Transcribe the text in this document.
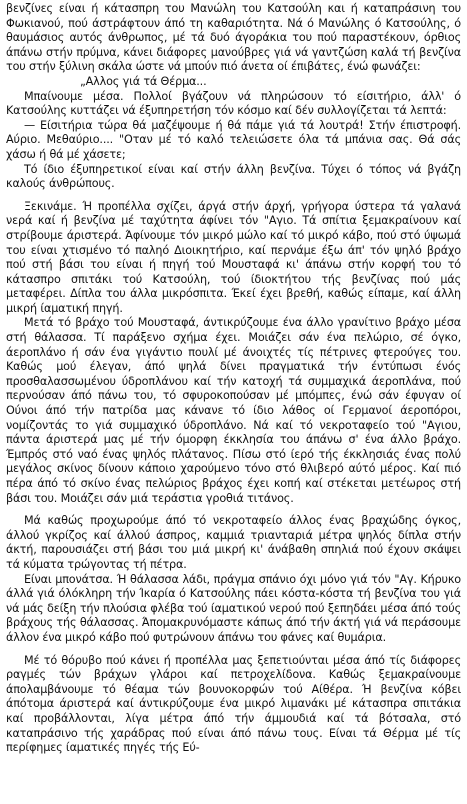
βενζίνες είναι ή κάτασπρη του Μανώλη του Κατσούλη και ή καταπράσινη του Φωκιανού, πού άστράφτουν άπό τη καθαριότητα. Νά ό Μανώλης ό Κατσούλης, ό θαυμάσιος αυτός άνθρωπος, μέ τά δυό άγοράκια του πού παραστέκουν, όρθιος άπάνω στήν πρύμνα, κάνει διάφορες μανούβρες γιά νά γαντζώση καλά τή βενζίνα του στήν ξύλινη σκάλα ώστε νά μπούν πιό άνετα οί έπιβάτες, ένώ φωνάζει:

„Αλλος γιά τά Θέρμα...

Μπαίνουμε μέσα. Πολλοί βγάζουν νά πληρώσουν τό είσιτήριο, άλλ' ό Κατσούλης κυττάζει νά έξυπηρετήση τόν κόσμο καί δέν συλλογίζεται τά λεπτά:

— Είσιτήρια τώρα θά μαζέψουμε ή θά πάμε γιά τά λουτρά! Στήν έπιστροφή. Αύριο. Μεθαύριο.... "Οταν μέ τό καλό τελειώσετε όλα τά μπάνια σας. Θά σάς χάσω ή θά μέ χάσετε;

Τό ίδιο έξυπηρετικοί είναι καί στήν άλλη βενζίνα. Τύχει ό τόπος νά βγάζη καλούς άνθρώπους.

Ξεκινάμε. Ή προπέλλα σχίζει, άργά στήν άρχή, γρήγορα ύστερα τά γαλανά νερά καί ή βενζίνα μέ ταχύτητα άφίνει τόν "Αγιο. Τά σπίτια ξεμακραίνουν καί στρίβουμε άριστερά. Άφίνουμε τόν μικρό μώλο καί τό μικρό κάβο, πού στό ύψωμά του είναι χτισμένο τό παληό Διοικητήριο, καί περνάμε έξω άπ' τόν ψηλό βράχο πού στή βάσι του είναι ή πηγή τού Μουσταφά κι' άπάνω στήν κορφή του τό κάτασπρο σπιτάκι τού Κατσούλη, τού ίδιοκτήτου τής βενζίνας πού μάς μεταφέρει. Δίπλα του άλλα μικρόσπιτα. Έκεί έχει βρεθή, καθώς είπαμε, καί άλλη μικρή ίαματική πηγή.

Μετά τό βράχο τού Μουσταφά, άντικρύζουμε ένα άλλο γρανίτινο βράχο μέσα στή θάλασσα. Τί παράξενο σχήμα έχει. Μοιάζει σάν ένα πελώριο, σέ όγκο, άεροπλάνο ή σάν ένα γιγάντιο πουλί μέ άνοιχτές τίς πέτρινες φτερούγες του. Καθώς μού έλεγαν, άπό ψηλά δίνει πραγματικά τήν έντύπωσι ένός προσθαλασσωμένου ύδροπλάνου καί τήν κατοχή τά συμμαχικά άεροπλάνα, πού περνούσαν άπό πάνω του, τό σφυροκοπούσαν μέ μπόμπες, ένώ σάν έφυγαν οί Ούνοι άπό τήν πατρίδα μας κάνανε τό ίδιο λάθος οί Γερμανοί άεροπόροι, νομίζοντάς το γιά συμμαχικό ύδροπλάνο. Νά καί τό νεκροταφείο τού "Αγιου, πάντα άριστερά μας μέ τήν όμορφη έκκλησία του άπάνω σ' ένα άλλο βράχο. Έμπρός στό ναό ένας ψηλός πλάτανος. Πίσω στό ίερό τής έκκλησιάς ένας πολύ μεγάλος σκίνος δίνουν κάποιο χαρούμενο τόνο στό θλιβερό αύτό μέρος. Καί πιό πέρα άπό τό σκίνο ένας πελώριος βράχος έχει κοπή καί στέκεται μετέωρος στή βάσι του. Μοιάζει σάν μιά τεράστια γροθιά τιτάνος.

Μά καθώς προχωρούμε άπό τό νεκροταφείο άλλος ένας βραχώδης όγκος, άλλού γκρίζος καί άλλού άσπρος, καμμιά τριανταριά μέτρα ψηλός δίπλα στήν άκτή, παρουσιάζει στή βάσι του μιά μικρή κι' άνάβαθη σπηλιά πού έχουν σκάψει τά κύματα τρώγοντας τή πέτρα.

Είναι μπονάτσα. Ή θάλασσα λάδι, πράγμα σπάνιο όχι μόνο γιά τόν "Αγ. Κήρυκο άλλά γιά όλόκληρη τήν Ίκαρία ό Κατσούλης πάει κόστα-κόστα τή βενζίνα του γιά νά μάς δείξη τήν πλούσια φλέβα τού ίαματικού νερού πού ξεπηδάει μέσα άπό τούς βράχους τής θάλασσας. Άπομακρυνόμαστε κάπως άπό τήν άκτή γιά νά περάσουμε άλλον ένα μικρό κάβο πού φυτρώνουν άπάνω του φάνες καί θυμάρια.

Μέ τό θόρυβο πού κάνει ή προπέλλα μας ξεπετιούνται μέσα άπό τίς διάφορες ραγμές τών βράχων γλάροι καί πετροχελίδονα. Καθώς ξεμακραίνουμε άπολαμβάνουμε τό θέαμα τών βουνοκορφών τού Αίθέρα. Ή βενζίνα κόβει άπότομα άριστερά καί άντικρύζουμε ένα μικρό λιμανάκι μέ κάτασπρα σπιτάκια καί προβάλλονται, λίγα μέτρα άπό τήν άμμουδιά καί τά βότσαλα, στό καταπράσινο τής χαράδρας πού είναι άπό πάνω τους. Είναι τά Θέρμα μέ τίς περίφημες ίαματικές πηγές τής Εύ-
